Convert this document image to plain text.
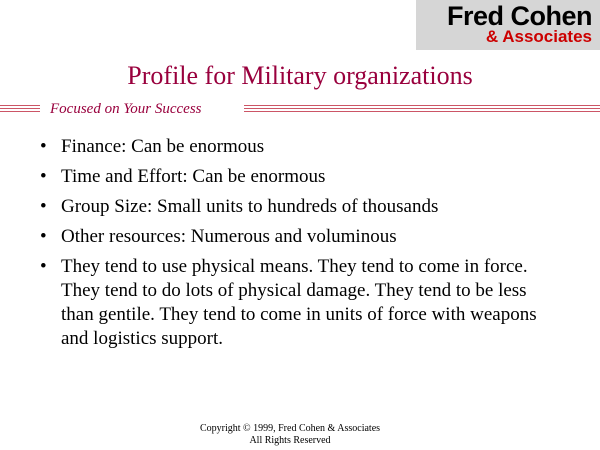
Fred Cohen
& Associates
Profile for Military organizations
Focused on Your Success
• Finance: Can be enormous
• Time and Effort: Can be enormous
• Group Size: Small units to hundreds of thousands
• Other resources: Numerous and voluminous
• They tend to use physical means. They tend to come in force. They tend to do lots of physical damage. They tend to be less than gentile. They tend to come in units of force with weapons and logistics support.
Copyright © 1999, Fred Cohen & Associates
All Rights Reserved
